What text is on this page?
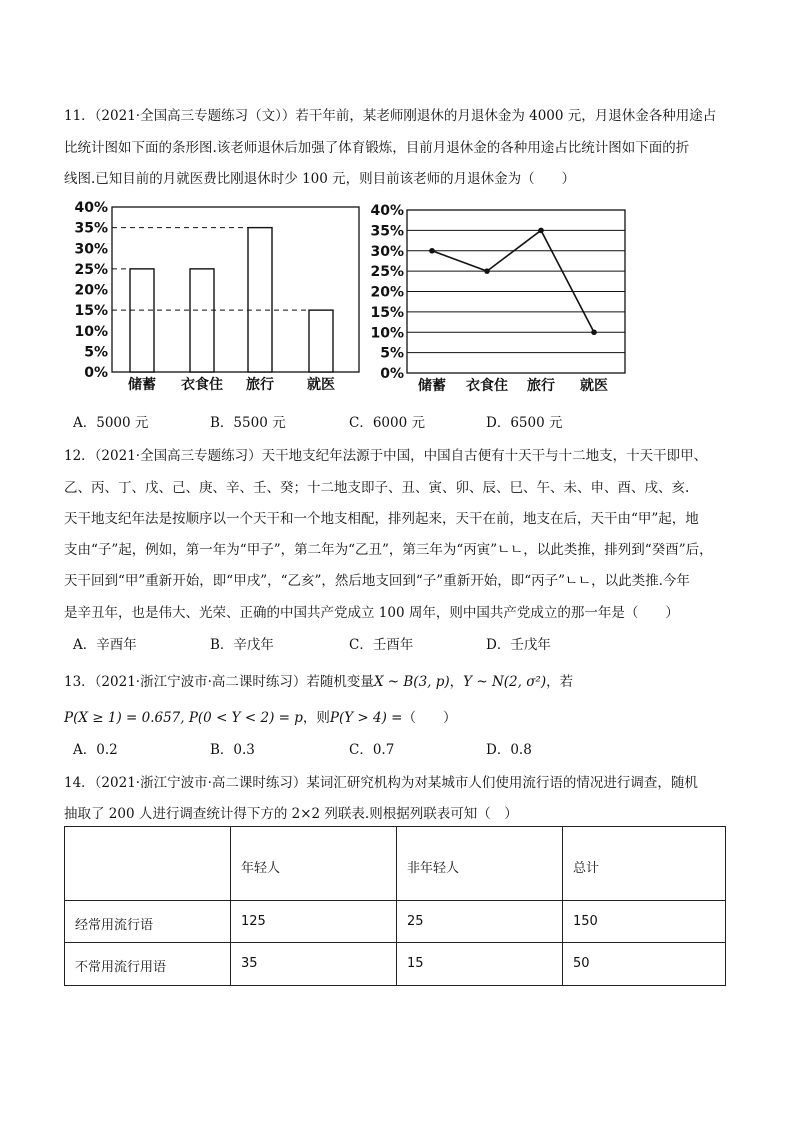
11．（2021·全国高三专题练习（文））若干年前，某老师刚退休的月退休金为 4000 元，月退休金各种用途占
比统计图如下面的条形图.该老师退休后加强了体育锻炼，目前月退休金的各种用途占比统计图如下面的折
线图.已知目前的月就医费比刚退休时少 100 元，则目前该老师的月退休金为（　　）
0%
5%
10%
15%
20%
25%
30%
35%
40%
储蓄 衣食住 旅行 就医
0%
5%
10%
15%
20%
25%
30%
35%
40%
储蓄 衣食住 旅行 就医
A．5000 元	B．5500 元	C．6000 元	D．6500 元
12．（2021·全国高三专题练习）天干地支纪年法源于中国，中国自古便有十天干与十二地支，十天干即甲、
乙、丙、丁、戊、己、庚、辛、壬、癸；十二地支即子、丑、寅、卯、辰、巳、午、未、申、酉、戌、亥.
天干地支纪年法是按顺序以一个天干和一个地支相配，排列起来，天干在前，地支在后，天干由“甲”起，地
支由“子”起，例如，第一年为“甲子”，第二年为“乙丑”，第三年为“丙寅”ㄴㄴ，以此类推，排列到“癸酉”后，
天干回到“甲”重新开始，即“甲戌”，“乙亥”，然后地支回到“子”重新开始，即“丙子”ㄴㄴ，以此类推.今年
是辛丑年，也是伟大、光荣、正确的中国共产党成立 100 周年，则中国共产党成立的那一年是（　　）
A．辛酉年	B．辛戊年	C．壬酉年	D．壬戊年
13．（2021·浙江宁波市·高二课时练习）若随机变量X ~ B(3, p)，Y ~ N(2, σ²)，若
P(X ≥ 1) = 0.657, P(0 < Y < 2) = p，则P(Y > 4) =（　　）
A．0.2	B．0.3	C．0.7	D．0.8
14．（2021·浙江宁波市·高二课时练习）某词汇研究机构为对某城市人们使用流行语的情况进行调查，随机
抽取了 200 人进行调查统计得下方的 2×2 列联表.则根据列联表可知（　）
	年轻人	非年轻人	总计
经常用流行语	125	25	150
不常用流行用语	35	15	50
